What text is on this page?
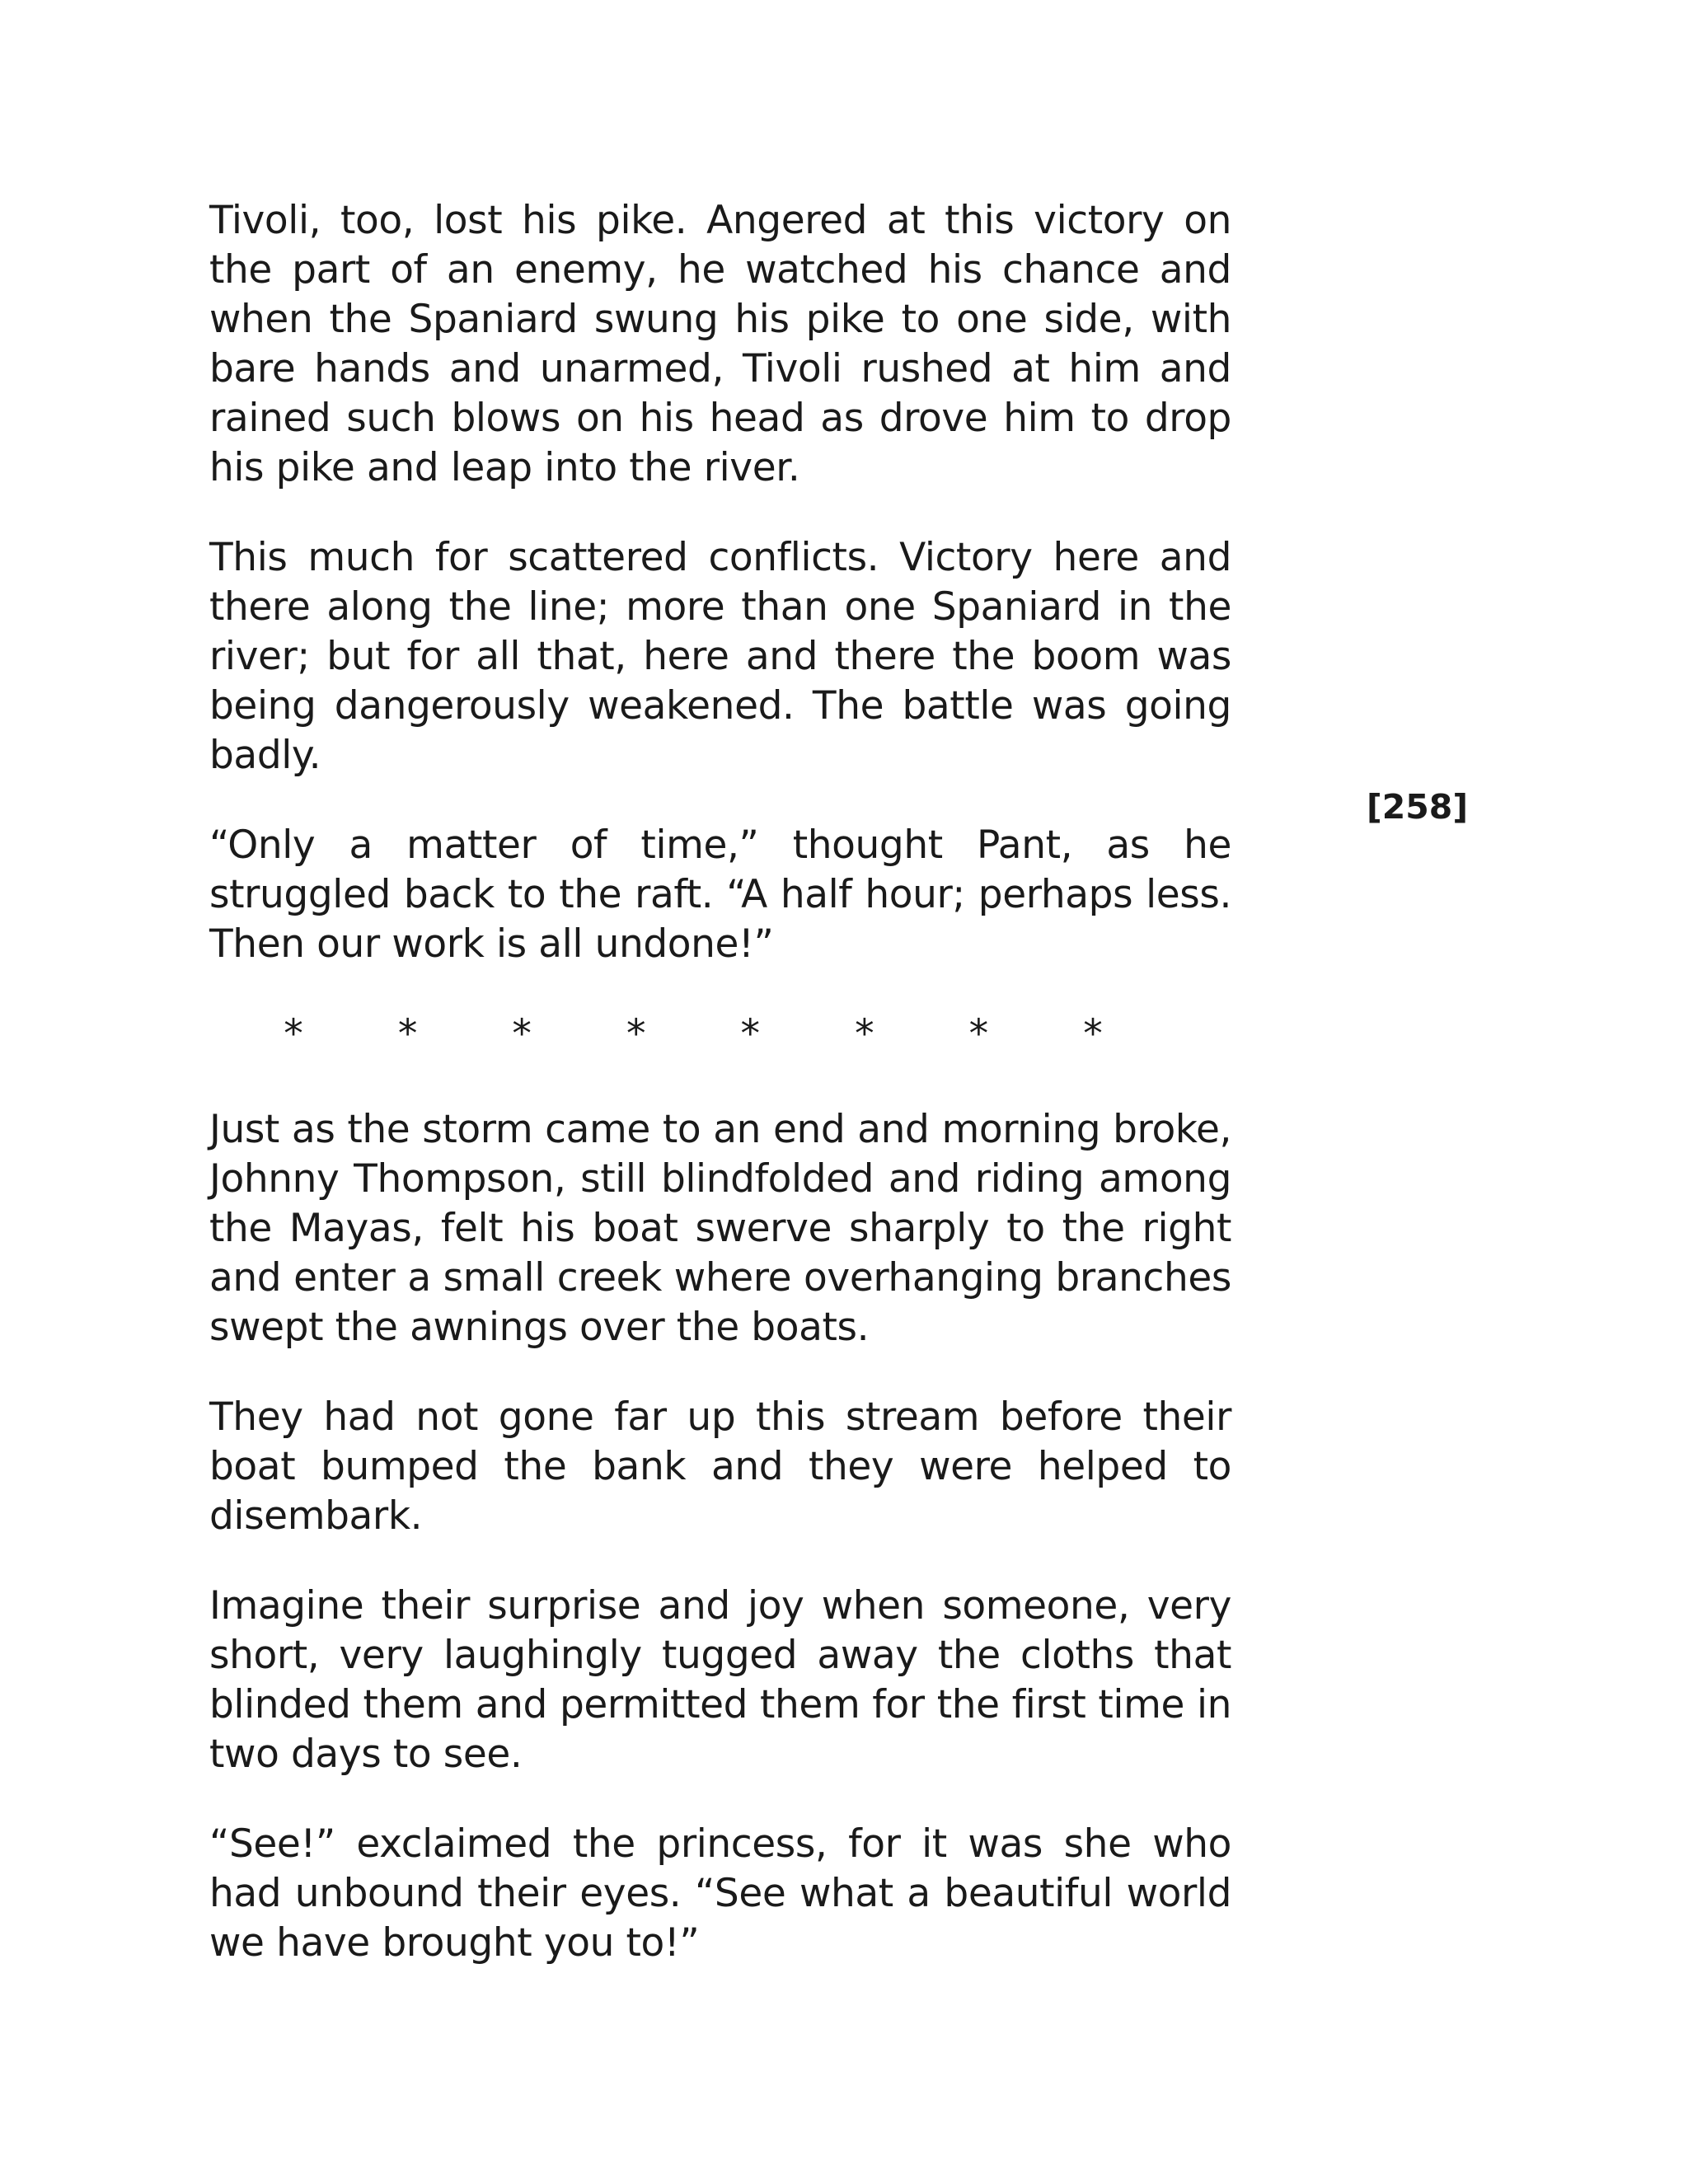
Tivoli, too, lost his pike. Angered at this victory on the part of an enemy, he watched his chance and when the Spaniard swung his pike to one side, with bare hands and unarmed, Tivoli rushed at him and rained such blows on his head as drove him to drop his pike and leap into the river.

This much for scattered conflicts. Victory here and there along the line; more than one Spaniard in the river; but for all that, here and there the boom was being dangerously weakened. The battle was going badly.

“Only a matter of time,” thought Pant, as he struggled back to the raft. “A half hour; perhaps less. Then our work is all undone!”

* * * * * * * *

Just as the storm came to an end and morning broke, Johnny Thompson, still blindfolded and riding among the Mayas, felt his boat swerve sharply to the right and enter a small creek where overhanging branches swept the awnings over the boats.

They had not gone far up this stream before their boat bumped the bank and they were helped to disembark.

Imagine their surprise and joy when someone, very short, very laughingly tugged away the cloths that blinded them and permitted them for the first time in two days to see.

“See!” exclaimed the princess, for it was she who had unbound their eyes. “See what a beautiful world we have brought you to!”

[258]
